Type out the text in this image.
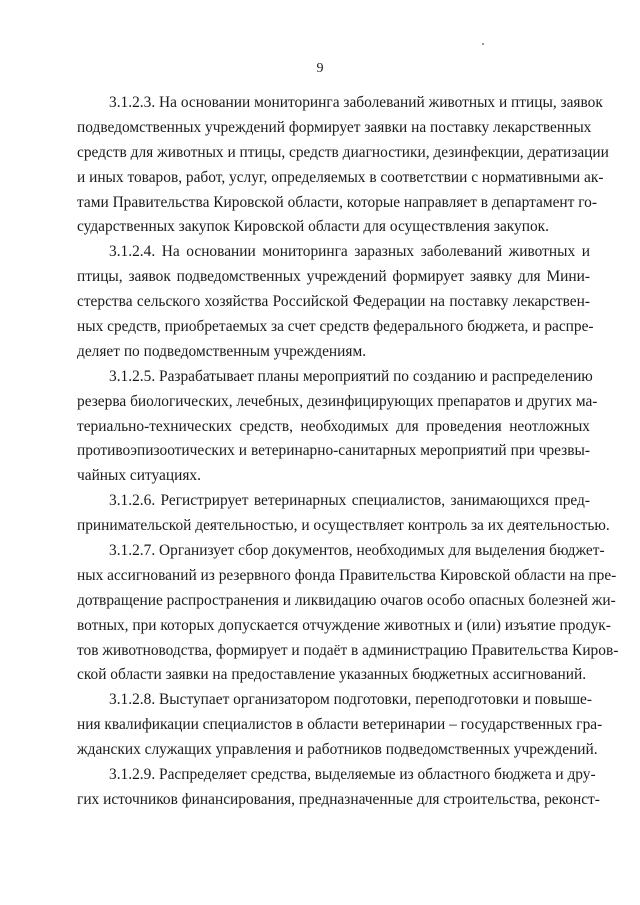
9

3.1.2.3. На основании мониторинга заболеваний животных и птицы, заявок
подведомственных учреждений формирует заявки на поставку лекарственных
средств для животных и птицы, средств диагностики, дезинфекции, дератизации
и иных товаров, работ, услуг, определяемых в соответствии с нормативными ак-
тами Правительства Кировской области, которые направляет в департамент го-
сударственных закупок Кировской области для осуществления закупок.

3.1.2.4. На основании мониторинга заразных заболеваний животных и
птицы, заявок подведомственных учреждений формирует заявку для Мини-
стерства сельского хозяйства Российской Федерации на поставку лекарствен-
ных средств, приобретаемых за счет средств федерального бюджета, и распре-
деляет по подведомственным учреждениям.

3.1.2.5. Разрабатывает планы мероприятий по созданию и распределению
резерва биологических, лечебных, дезинфицирующих препаратов и других ма-
териально-технических средств, необходимых для проведения неотложных
противоэпизоотических и ветеринарно-санитарных мероприятий при чрезвы-
чайных ситуациях.

3.1.2.6. Регистрирует ветеринарных специалистов, занимающихся пред-
принимательской деятельностью, и осуществляет контроль за их деятельностью.

3.1.2.7. Организует сбор документов, необходимых для выделения бюджет-
ных ассигнований из резервного фонда Правительства Кировской области на пре-
дотвращение распространения и ликвидацию очагов особо опасных болезней жи-
вотных, при которых допускается отчуждение животных и (или) изъятие продук-
тов животноводства, формирует и подаёт в администрацию Правительства Киров-
ской области заявки на предоставление указанных бюджетных ассигнований.

3.1.2.8. Выступает организатором подготовки, переподготовки и повыше-
ния квалификации специалистов в области ветеринарии – государственных гра-
жданских служащих управления и работников подведомственных учреждений.

3.1.2.9. Распределяет средства, выделяемые из областного бюджета и дру-
гих источников финансирования, предназначенные для строительства, реконст-
